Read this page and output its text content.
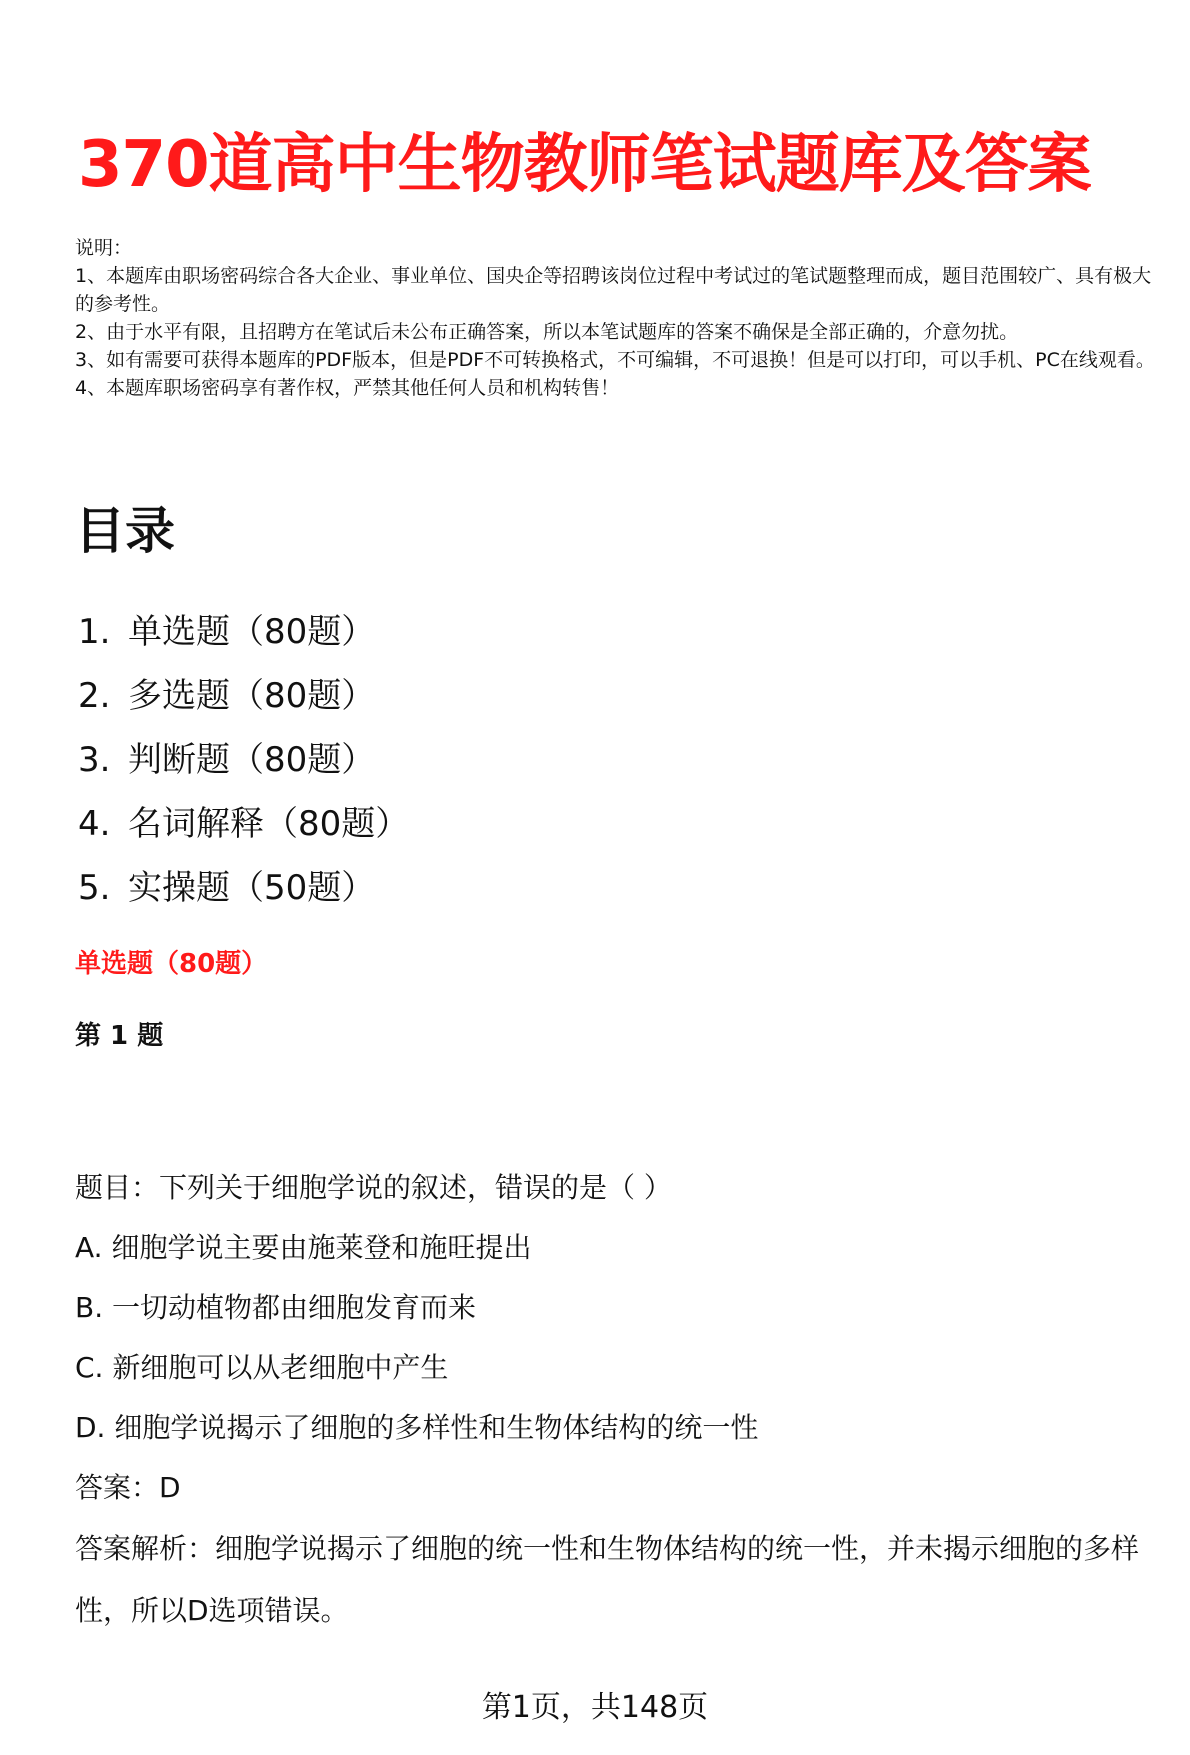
370道高中生物教师笔试题库及答案
说明：
1、本题库由职场密码综合各大企业、事业单位、国央企等招聘该岗位过程中考试过的笔试题整理而成，题目范围较广、具有极大的参考性。
2、由于水平有限，且招聘方在笔试后未公布正确答案，所以本笔试题库的答案不确保是全部正确的，介意勿扰。
3、如有需要可获得本题库的PDF版本，但是PDF不可转换格式，不可编辑，不可退换！但是可以打印，可以手机、PC在线观看。
4、本题库职场密码享有著作权，严禁其他任何人员和机构转售！
目录
1. 单选题（80题）
2. 多选题（80题）
3. 判断题（80题）
4. 名词解释（80题）
5. 实操题（50题）
单选题（80题）
第 1 题
题目：下列关于细胞学说的叙述，错误的是（ ）
A. 细胞学说主要由施莱登和施旺提出
B. 一切动植物都由细胞发育而来
C. 新细胞可以从老细胞中产生
D. 细胞学说揭示了细胞的多样性和生物体结构的统一性
答案：D
答案解析：细胞学说揭示了细胞的统一性和生物体结构的统一性，并未揭示细胞的多样性，所以D选项错误。
第1页，共148页
